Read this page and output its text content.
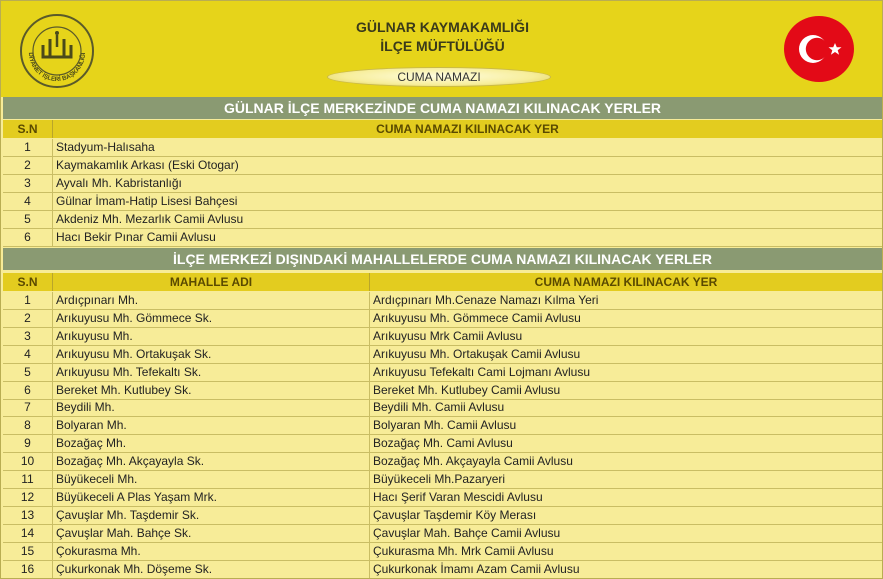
DİYANET İŞLERİ BAŞKANLIĞI
GÜLNAR KAYMAKAMLIĞI
İLÇE MÜFTÜLÜĞÜ
CUMA NAMAZI
GÜLNAR İLÇE MERKEZİNDE CUMA NAMAZI KILINACAK YERLER
S.N	CUMA NAMAZI KILINACAK YER
İLÇE MERKEZİ DIŞINDAKİ MAHALLELERDE CUMA NAMAZI KILINACAK YERLER
S.N	MAHALLE ADI	CUMA NAMAZI KILINACAK YER
1	Stadyum-Halısaha
2	Kaymakamlık Arkası (Eski Otogar)
3	Ayvalı Mh. Kabristanlığı
4	Gülnar İmam-Hatip Lisesi Bahçesi
5	Akdeniz Mh. Mezarlık Camii Avlusu
6	Hacı Bekir Pınar Camii Avlusu
1	Ardıçpınarı Mh.	Ardıçpınarı Mh.Cenaze Namazı Kılma Yeri
2	Arıkuyusu Mh. Gömmece Sk.	Arıkuyusu Mh. Gömmece Camii Avlusu
3	Arıkuyusu Mh.	Arıkuyusu Mrk Camii Avlusu
4	Arıkuyusu Mh. Ortakuşak Sk.	Arıkuyusu Mh. Ortakuşak Camii Avlusu
5	Arıkuyusu Mh. Tefekaltı Sk.	Arıkuyusu Tefekaltı Cami Lojmanı Avlusu
6	Bereket Mh. Kutlubey Sk.	Bereket Mh. Kutlubey Camii Avlusu
7	Beydili Mh.	Beydili Mh. Camii Avlusu
8	Bolyaran Mh.	Bolyaran Mh. Camii Avlusu
9	Bozağaç Mh.	Bozağaç Mh. Cami Avlusu
10	Bozağaç Mh. Akçayayla Sk.	Bozağaç Mh. Akçayayla Camii Avlusu
11	Büyükeceli Mh.	Büyükeceli Mh.Pazaryeri
12	Büyükeceli A Plas Yaşam Mrk.	Hacı Şerif Varan Mescidi Avlusu
13	Çavuşlar Mh. Taşdemir Sk.	Çavuşlar Taşdemir Köy Merası
14	Çavuşlar Mah. Bahçe Sk.	Çavuşlar Mah. Bahçe Camii Avlusu
15	Çokurasma Mh.	Çukurasma Mh. Mrk Camii Avlusu
16	Çukurkonak Mh. Döşeme Sk.	Çukurkonak İmamı Azam Camii Avlusu
